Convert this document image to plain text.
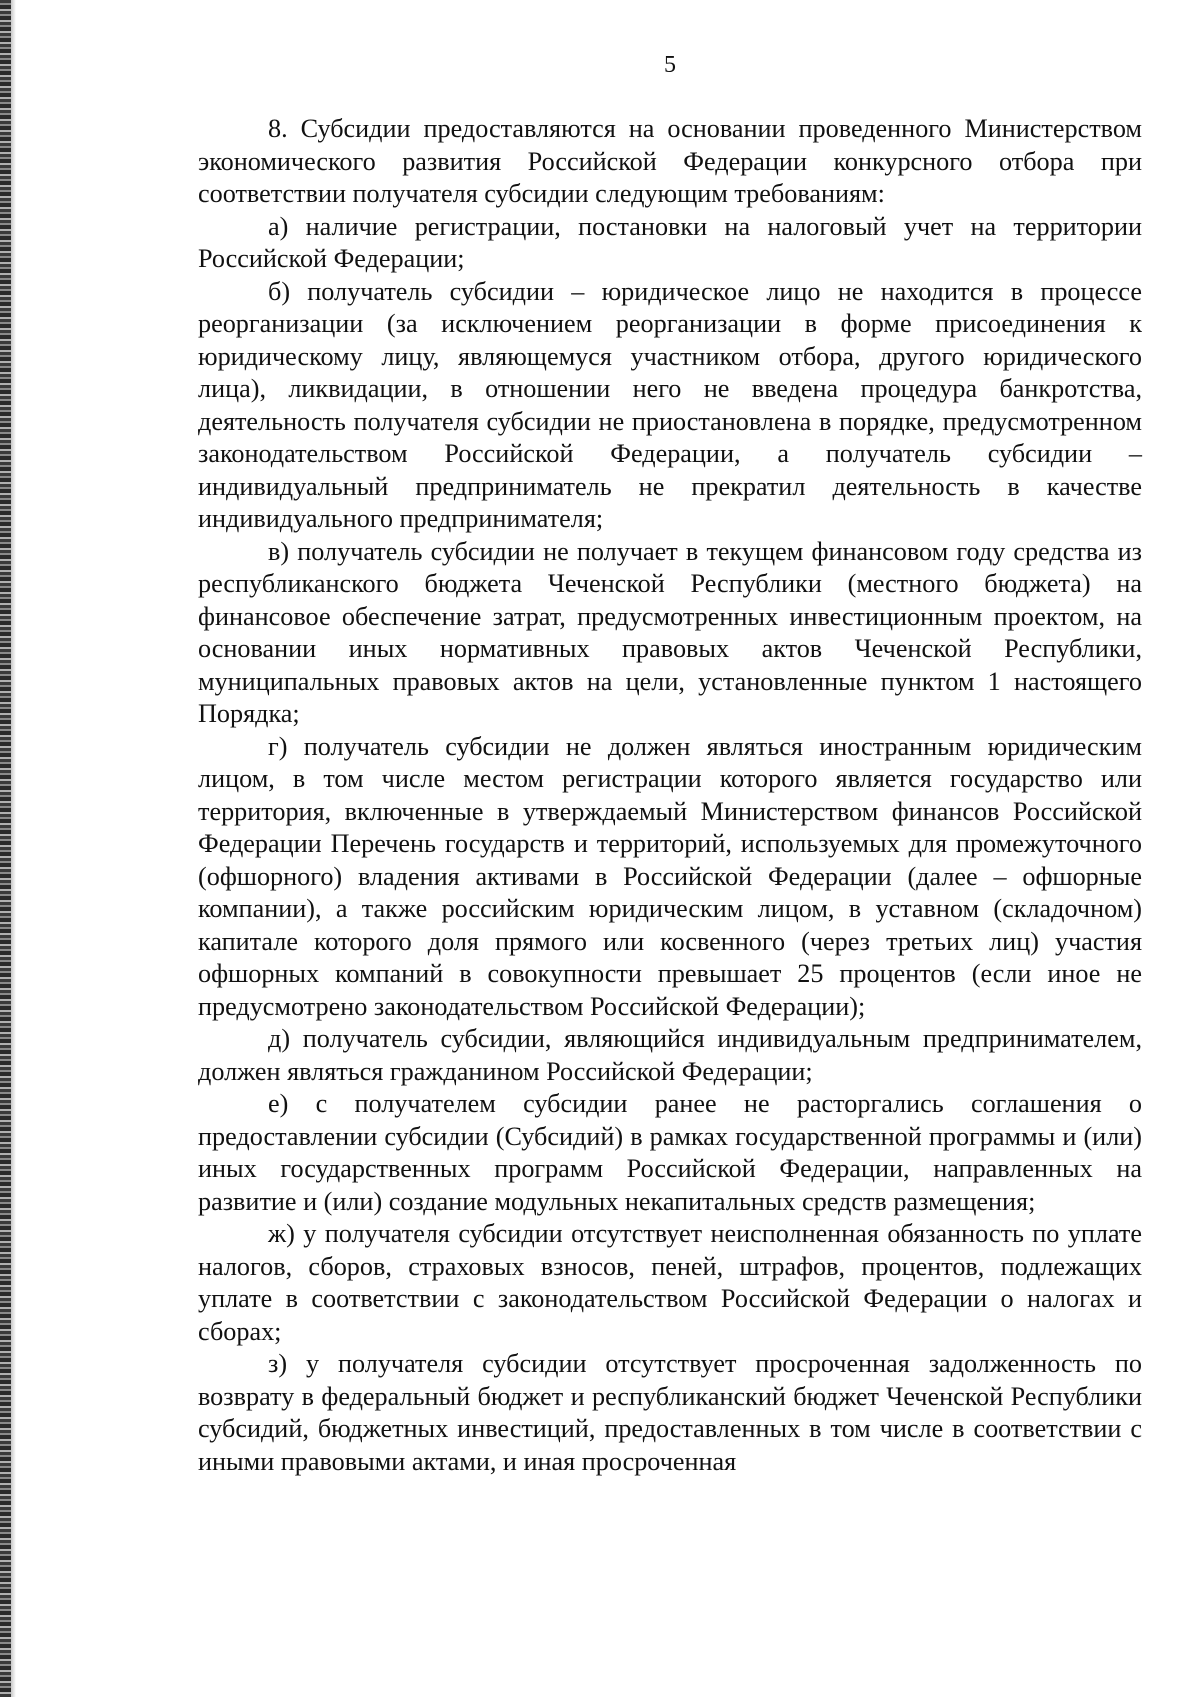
5

8. Субсидии предоставляются на основании проведенного Министерством экономического развития Российской Федерации конкурсного отбора при соответствии получателя субсидии следующим требованиям:

а) наличие регистрации, постановки на налоговый учет на территории Российской Федерации;

б) получатель субсидии – юридическое лицо не находится в процессе реорганизации (за исключением реорганизации в форме присоединения к юридическому лицу, являющемуся участником отбора, другого юридического лица), ликвидации, в отношении него не введена процедура банкротства, деятельность получателя субсидии не приостановлена в порядке, предусмотренном законодательством Российской Федерации, а получатель субсидии – индивидуальный предприниматель не прекратил деятельность в качестве индивидуального предпринимателя;

в) получатель субсидии не получает в текущем финансовом году средства из республиканского бюджета Чеченской Республики (местного бюджета) на финансовое обеспечение затрат, предусмотренных инвестиционным проектом, на основании иных нормативных правовых актов Чеченской Республики, муниципальных правовых актов на цели, установленные пунктом 1 настоящего Порядка;

г) получатель субсидии не должен являться иностранным юридическим лицом, в том числе местом регистрации которого является государство или территория, включенные в утверждаемый Министерством финансов Российской Федерации Перечень государств и территорий, используемых для промежуточного (офшорного) владения активами в Российской Федерации (далее – офшорные компании), а также российским юридическим лицом, в уставном (складочном) капитале которого доля прямого или косвенного (через третьих лиц) участия офшорных компаний в совокупности превышает 25 процентов (если иное не предусмотрено законодательством Российской Федерации);

д) получатель субсидии, являющийся индивидуальным предпринимателем, должен являться гражданином Российской Федерации;

е) с получателем субсидии ранее не расторгались соглашения о предоставлении субсидии (Субсидий) в рамках государственной программы и (или) иных государственных программ Российской Федерации, направленных на развитие и (или) создание модульных некапитальных средств размещения;

ж) у получателя субсидии отсутствует неисполненная обязанность по уплате налогов, сборов, страховых взносов, пеней, штрафов, процентов, подлежащих уплате в соответствии с законодательством Российской Федерации о налогах и сборах;

з) у получателя субсидии отсутствует просроченная задолженность по возврату в федеральный бюджет и республиканский бюджет Чеченской Республики субсидий, бюджетных инвестиций, предоставленных в том числе в соответствии с иными правовыми актами, и иная просроченная
